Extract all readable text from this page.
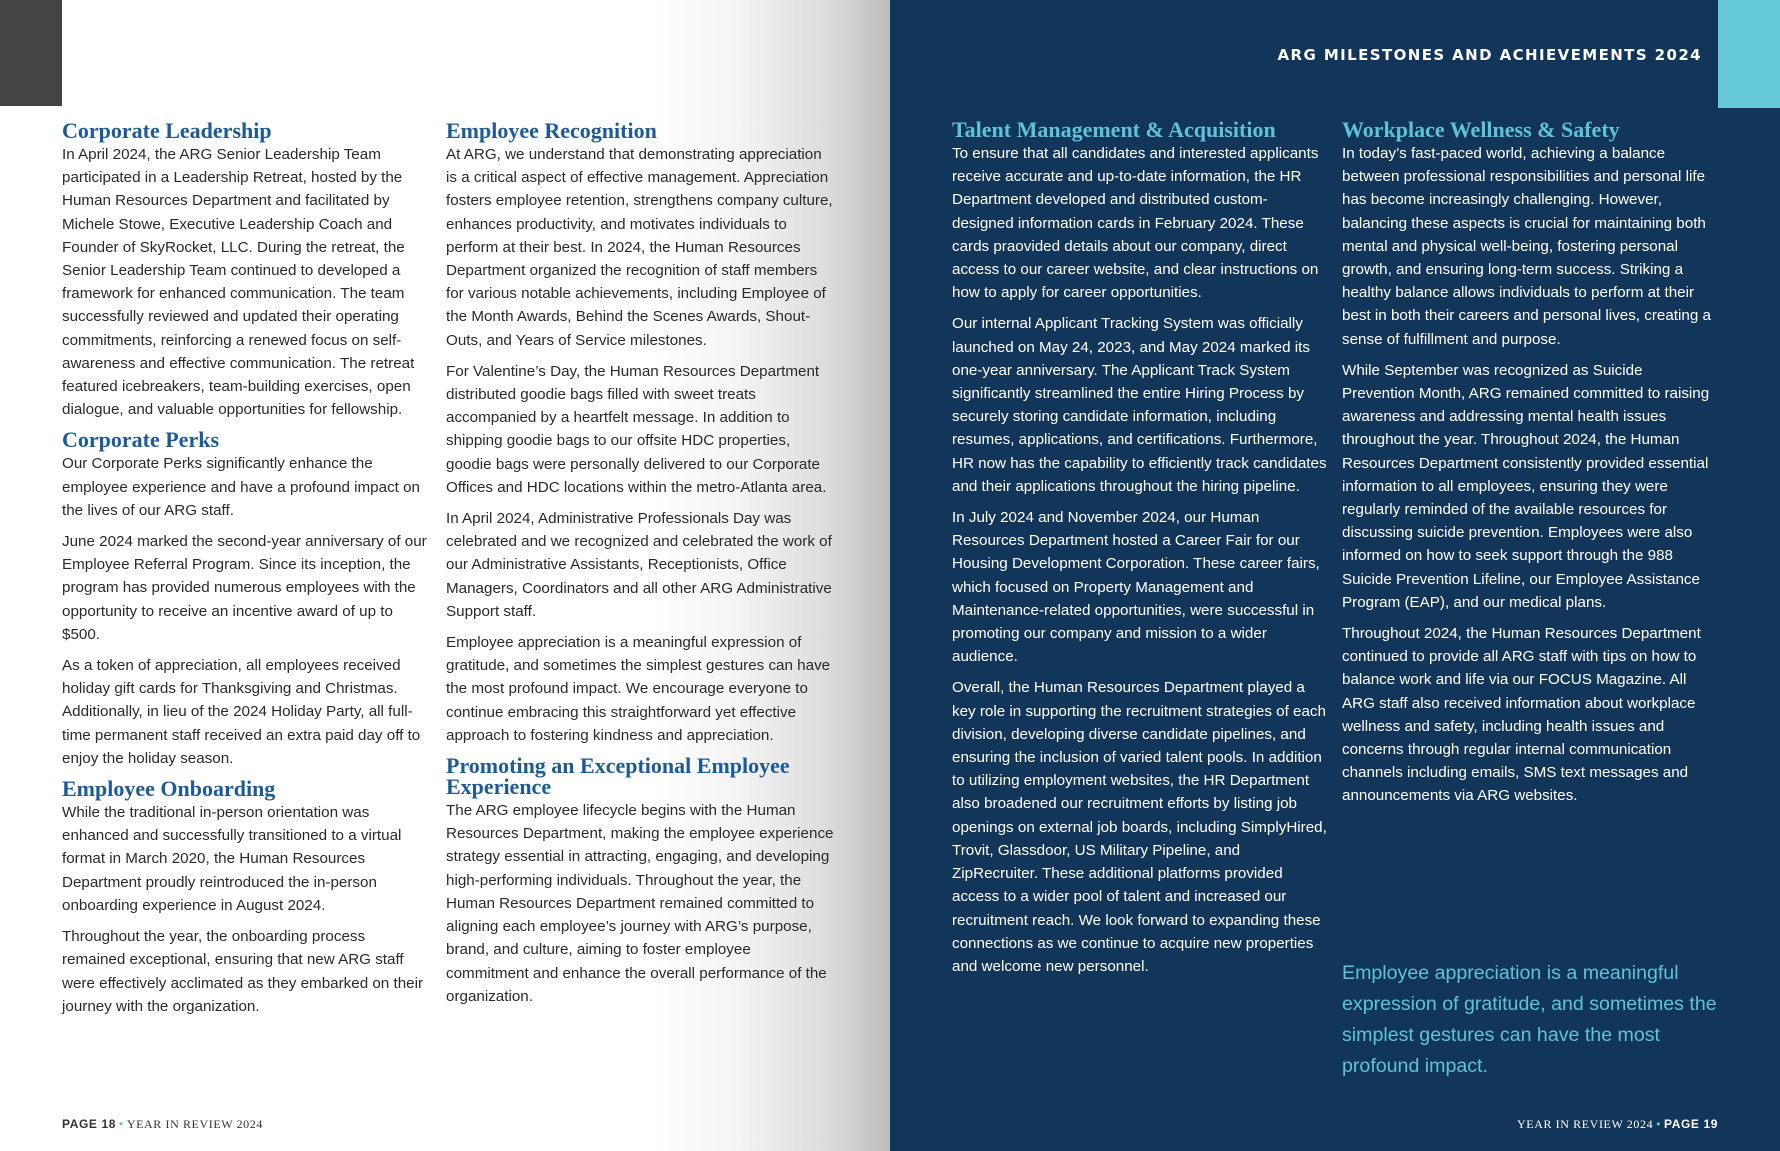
Corporate Leadership

In April 2024, the ARG Senior Leadership Team participated in a Leadership Retreat, hosted by the Human Resources Department and facilitated by Michele Stowe, Executive Leadership Coach and Founder of SkyRocket, LLC. During the retreat, the Senior Leadership Team continued to developed a framework for enhanced communication. The team successfully reviewed and updated their operating commitments, reinforcing a renewed focus on self-awareness and effective communication. The retreat featured icebreakers, team-building exercises, open dialogue, and valuable opportunities for fellowship.

Corporate Perks

Our Corporate Perks significantly enhance the employee experience and have a profound impact on the lives of our ARG staff.

June 2024 marked the second-year anniversary of our Employee Referral Program. Since its inception, the program has provided numerous employees with the opportunity to receive an incentive award of up to $500.

As a token of appreciation, all employees received holiday gift cards for Thanksgiving and Christmas. Additionally, in lieu of the 2024 Holiday Party, all full-time permanent staff received an extra paid day off to enjoy the holiday season.

Employee Onboarding

While the traditional in-person orientation was enhanced and successfully transitioned to a virtual format in March 2020, the Human Resources Department proudly reintroduced the in-person onboarding experience in August 2024.

Throughout the year, the onboarding process remained exceptional, ensuring that new ARG staff were effectively acclimated as they embarked on their journey with the organization.

Employee Recognition

At ARG, we understand that demonstrating appreciation is a critical aspect of effective management. Appreciation fosters employee retention, strengthens company culture, enhances productivity, and motivates individuals to perform at their best. In 2024, the Human Resources Department organized the recognition of staff members for various notable achievements, including Employee of the Month Awards, Behind the Scenes Awards, Shout-Outs, and Years of Service milestones.

For Valentine’s Day, the Human Resources Department distributed goodie bags filled with sweet treats accompanied by a heartfelt message. In addition to shipping goodie bags to our offsite HDC properties, goodie bags were personally delivered to our Corporate Offices and HDC locations within the metro-Atlanta area.

In April 2024, Administrative Professionals Day was celebrated and we recognized and celebrated the work of our Administrative Assistants, Receptionists, Office Managers, Coordinators and all other ARG Administrative Support staff.

Employee appreciation is a meaningful expression of gratitude, and sometimes the simplest gestures can have the most profound impact. We encourage everyone to continue embracing this straightforward yet effective approach to fostering kindness and appreciation.

Promoting an Exceptional Employee Experience

The ARG employee lifecycle begins with the Human Resources Department, making the employee experience strategy essential in attracting, engaging, and developing high-performing individuals. Throughout the year, the Human Resources Department remained committed to aligning each employee’s journey with ARG’s purpose, brand, and culture, aiming to foster employee commitment and enhance the overall performance of the organization.

PAGE 18 • YEAR IN REVIEW 2024
ARG MILESTONES AND ACHIEVEMENTS 2024
Talent Management & Acquisition

To ensure that all candidates and interested applicants receive accurate and up-to-date information, the HR Department developed and distributed custom-designed information cards in February 2024. These cards praovided details about our company, direct access to our career website, and clear instructions on how to apply for career opportunities.

Our internal Applicant Tracking System was officially launched on May 24, 2023, and May 2024 marked its one-year anniversary. The Applicant Track System significantly streamlined the entire Hiring Process by securely storing candidate information, including resumes, applications, and certifications. Furthermore, HR now has the capability to efficiently track candidates and their applications throughout the hiring pipeline.

In July 2024 and November 2024, our Human Resources Department hosted a Career Fair for our Housing Development Corporation. These career fairs, which focused on Property Management and Maintenance-related opportunities, were successful in promoting our company and mission to a wider audience.

Overall, the Human Resources Department played a key role in supporting the recruitment strategies of each division, developing diverse candidate pipelines, and ensuring the inclusion of varied talent pools. In addition to utilizing employment websites, the HR Department also broadened our recruitment efforts by listing job openings on external job boards, including SimplyHired, Trovit, Glassdoor, US Military Pipeline, and ZipRecruiter. These additional platforms provided access to a wider pool of talent and increased our recruitment reach. We look forward to expanding these connections as we continue to acquire new properties and welcome new personnel.

Workplace Wellness & Safety

In today’s fast-paced world, achieving a balance between professional responsibilities and personal life has become increasingly challenging. However, balancing these aspects is crucial for maintaining both mental and physical well-being, fostering personal growth, and ensuring long-term success. Striking a healthy balance allows individuals to perform at their best in both their careers and personal lives, creating a sense of fulfillment and purpose.

While September was recognized as Suicide Prevention Month, ARG remained committed to raising awareness and addressing mental health issues throughout the year. Throughout 2024, the Human Resources Department consistently provided essential information to all employees, ensuring they were regularly reminded of the available resources for discussing suicide prevention. Employees were also informed on how to seek support through the 988 Suicide Prevention Lifeline, our Employee Assistance Program (EAP), and our medical plans.

Throughout 2024, the Human Resources Department continued to provide all ARG staff with tips on how to balance work and life via our FOCUS Magazine. All ARG staff also received information about workplace wellness and safety, including health issues and concerns through regular internal communication channels including emails, SMS text messages and announcements via ARG websites.

Employee appreciation is a meaningful expression of gratitude, and sometimes the simplest gestures can have the most profound impact.
YEAR IN REVIEW 2024 • PAGE 19
